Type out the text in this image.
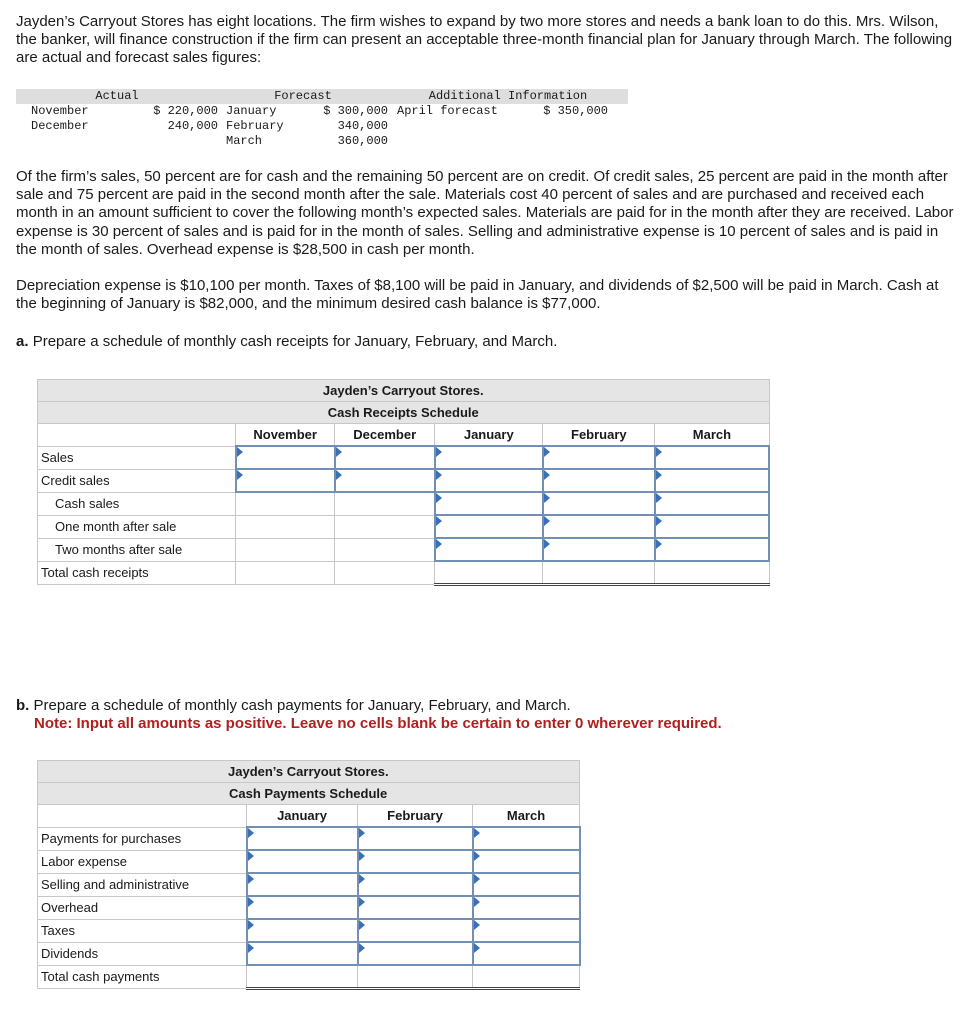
Jayden’s Carryout Stores has eight locations. The firm wishes to expand by two more stores and needs a bank loan to do this. Mrs. Wilson, the banker, will finance construction if the firm can present an acceptable three-month financial plan for January through March. The following are actual and forecast sales figures:

Actual		Forecast		Additional Information	
November	$ 220,000	January	$ 300,000	April forecast	$ 350,000
December	240,000	February	340,000		
		March	360,000		

Of the firm’s sales, 50 percent are for cash and the remaining 50 percent are on credit. Of credit sales, 25 percent are paid in the month after sale and 75 percent are paid in the second month after the sale. Materials cost 40 percent of sales and are purchased and received each month in an amount sufficient to cover the following month’s expected sales. Materials are paid for in the month after they are received. Labor expense is 30 percent of sales and is paid for in the month of sales. Selling and administrative expense is 10 percent of sales and is paid in the month of sales. Overhead expense is $28,500 in cash per month.

Depreciation expense is $10,100 per month. Taxes of $8,100 will be paid in January, and dividends of $2,500 will be paid in March. Cash at the beginning of January is $82,000, and the minimum desired cash balance is $77,000.

a. Prepare a schedule of monthly cash receipts for January, February, and March.

Jayden’s Carryout Stores.					
Cash Receipts Schedule					
	November	December	January	February	March
Sales					
Credit sales					
Cash sales					
One month after sale					
Two months after sale					
Total cash receipts					
b. Prepare a schedule of monthly cash payments for January, February, and March.
Note: Input all amounts as positive. Leave no cells blank be certain to enter 0 wherever required.
Jayden’s Carryout Stores.			
Cash Payments Schedule			
	January	February	March
Payments for purchases			
Labor expense			
Selling and administrative			
Overhead			
Taxes			
Dividends			
Total cash payments			
